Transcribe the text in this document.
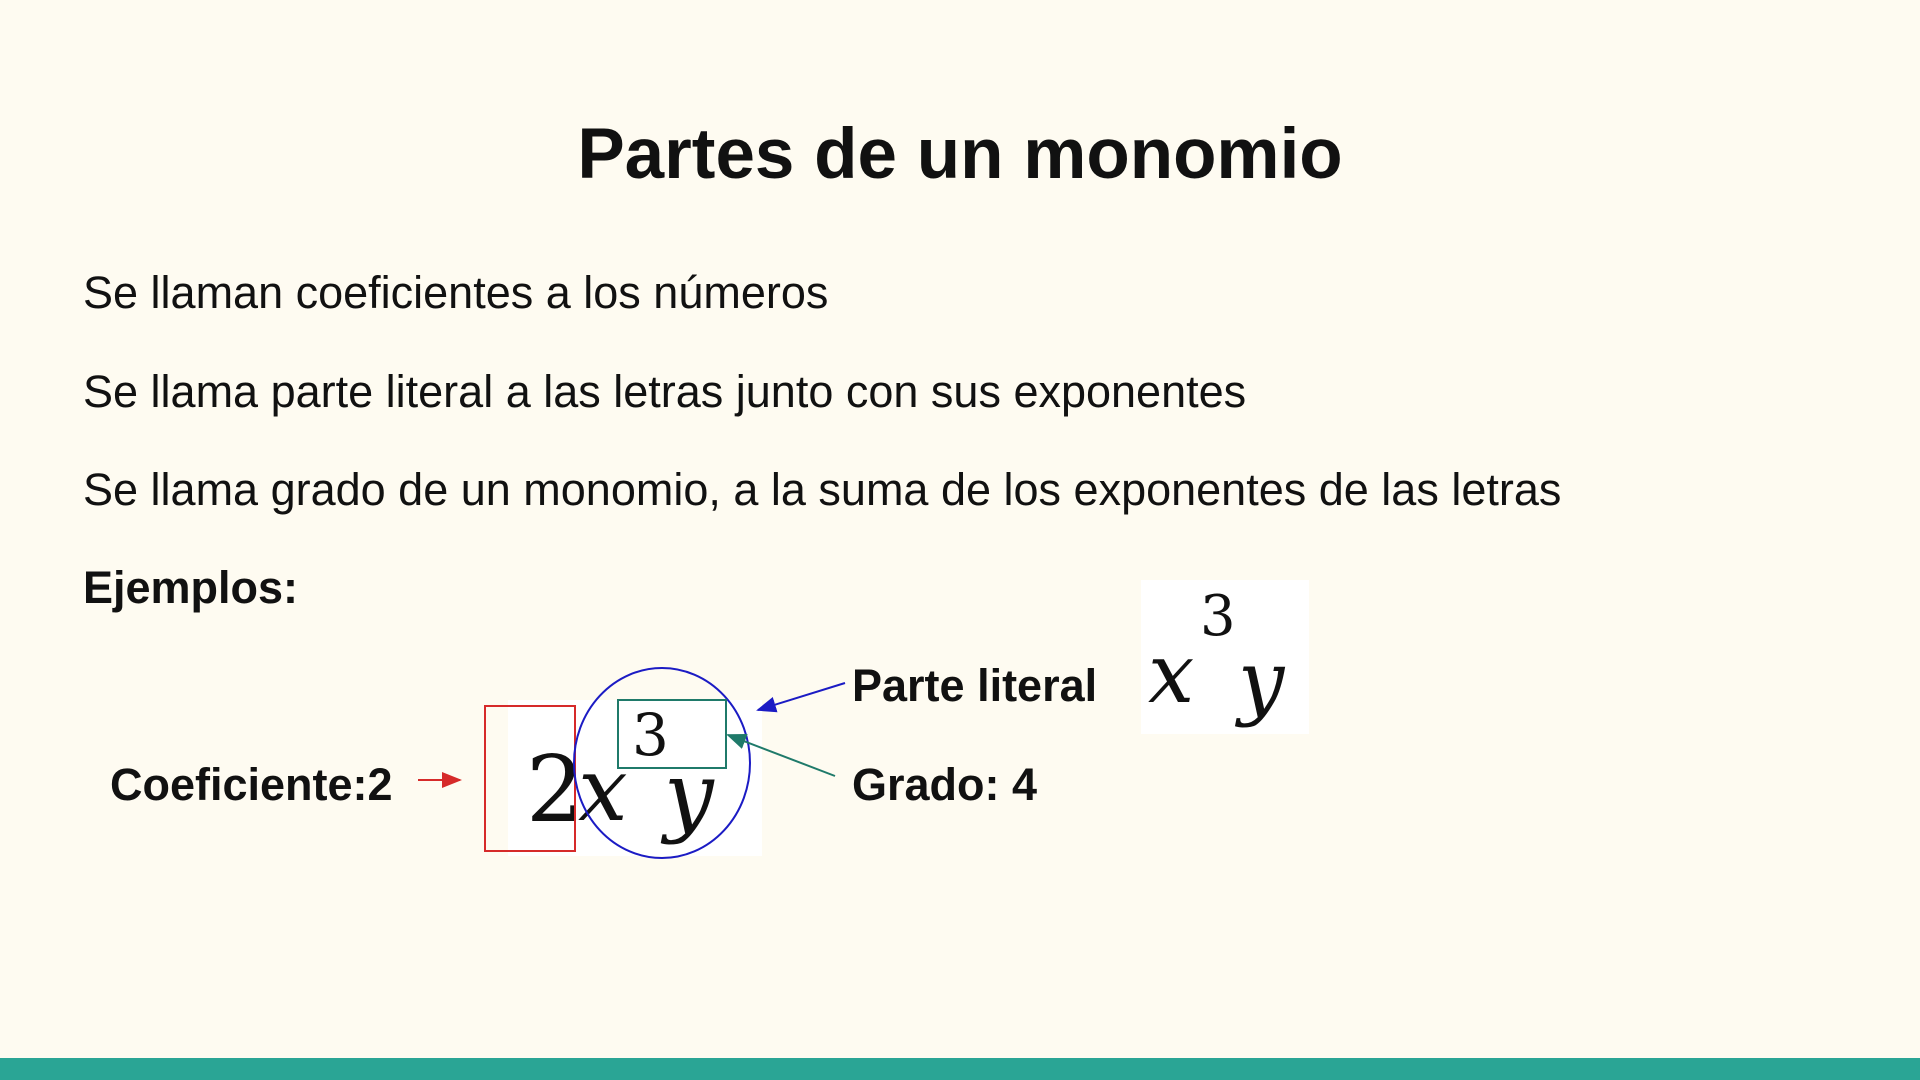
Partes de un monomio
Se llaman coeficientes a los números
Se llama parte literal a las letras junto con sus exponentes
Se llama grado de un monomio, a la suma de los exponentes de las letras
Ejemplos:
2
x
3
y
x
3
y
Coeficiente:2
Parte literal
Grado: 4
